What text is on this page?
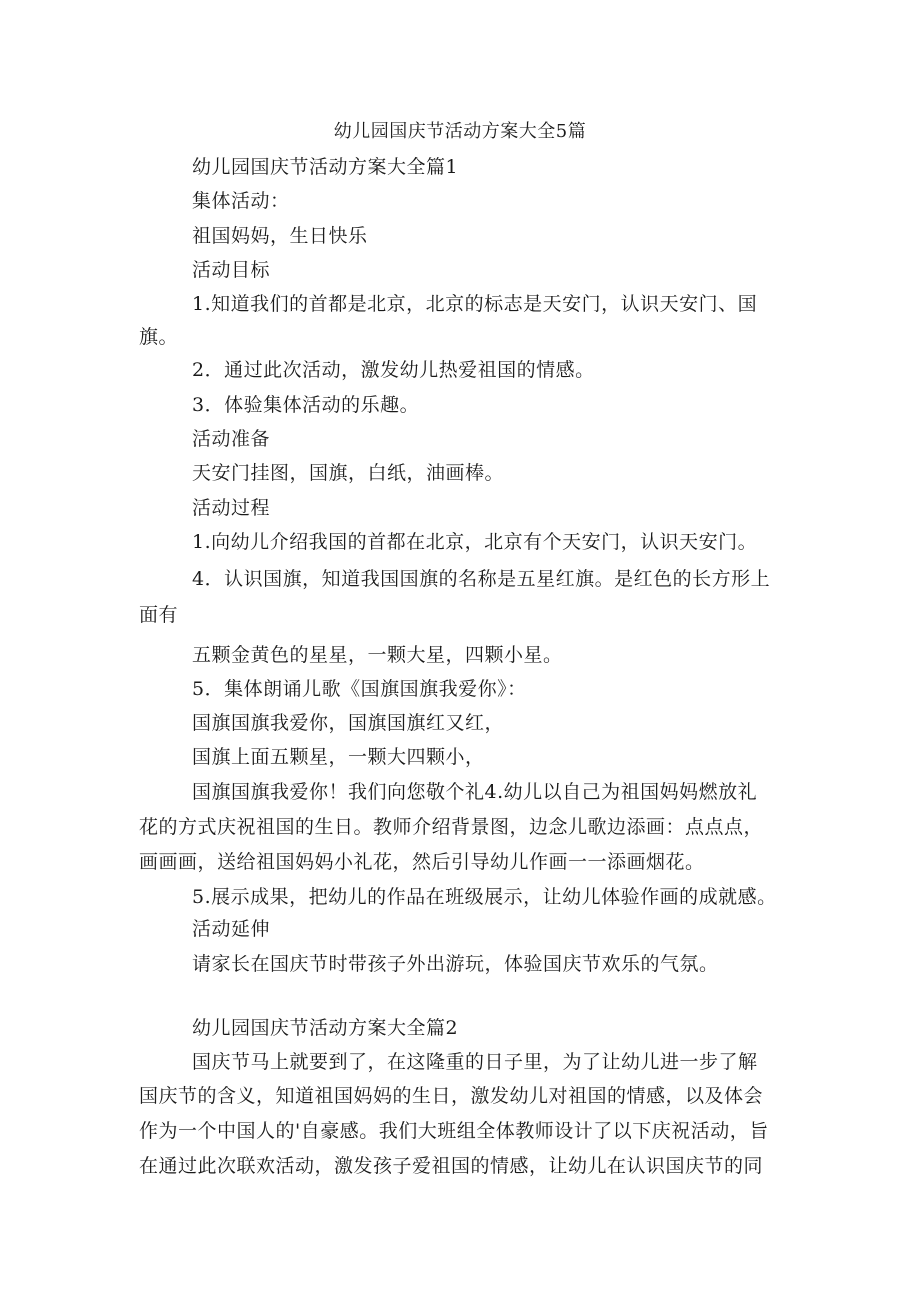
幼儿园国庆节活动方案大全5篇
幼儿园国庆节活动方案大全篇1
集体活动：
祖国妈妈，生日快乐
活动目标
1.知道我们的首都是北京，北京的标志是天安门，认识天安门、国
旗。
2．通过此次活动，激发幼儿热爱祖国的情感。
3．体验集体活动的乐趣。
活动准备
天安门挂图，国旗，白纸，油画棒。
活动过程
1.向幼儿介绍我国的首都在北京，北京有个天安门，认识天安门。
4．认识国旗，知道我国国旗的名称是五星红旗。是红色的长方形上
面有
五颗金黄色的星星，一颗大星，四颗小星。
5．集体朗诵儿歌《国旗国旗我爱你》：
国旗国旗我爱你，国旗国旗红又红，
国旗上面五颗星，一颗大四颗小，
国旗国旗我爱你！我们向您敬个礼4.幼儿以自己为祖国妈妈燃放礼
花的方式庆祝祖国的生日。教师介绍背景图，边念儿歌边添画：点点点，
画画画，送给祖国妈妈小礼花，然后引导幼儿作画一一添画烟花。
5.展示成果，把幼儿的作品在班级展示，让幼儿体验作画的成就感。
活动延伸
请家长在国庆节时带孩子外出游玩，体验国庆节欢乐的气氛。
幼儿园国庆节活动方案大全篇2
国庆节马上就要到了，在这隆重的日子里，为了让幼儿进一步了解
国庆节的含义，知道祖国妈妈的生日，激发幼儿对祖国的情感，以及体会
作为一个中国人的'自豪感。我们大班组全体教师设计了以下庆祝活动，旨
在通过此次联欢活动，激发孩子爱祖国的情感，让幼儿在认识国庆节的同
